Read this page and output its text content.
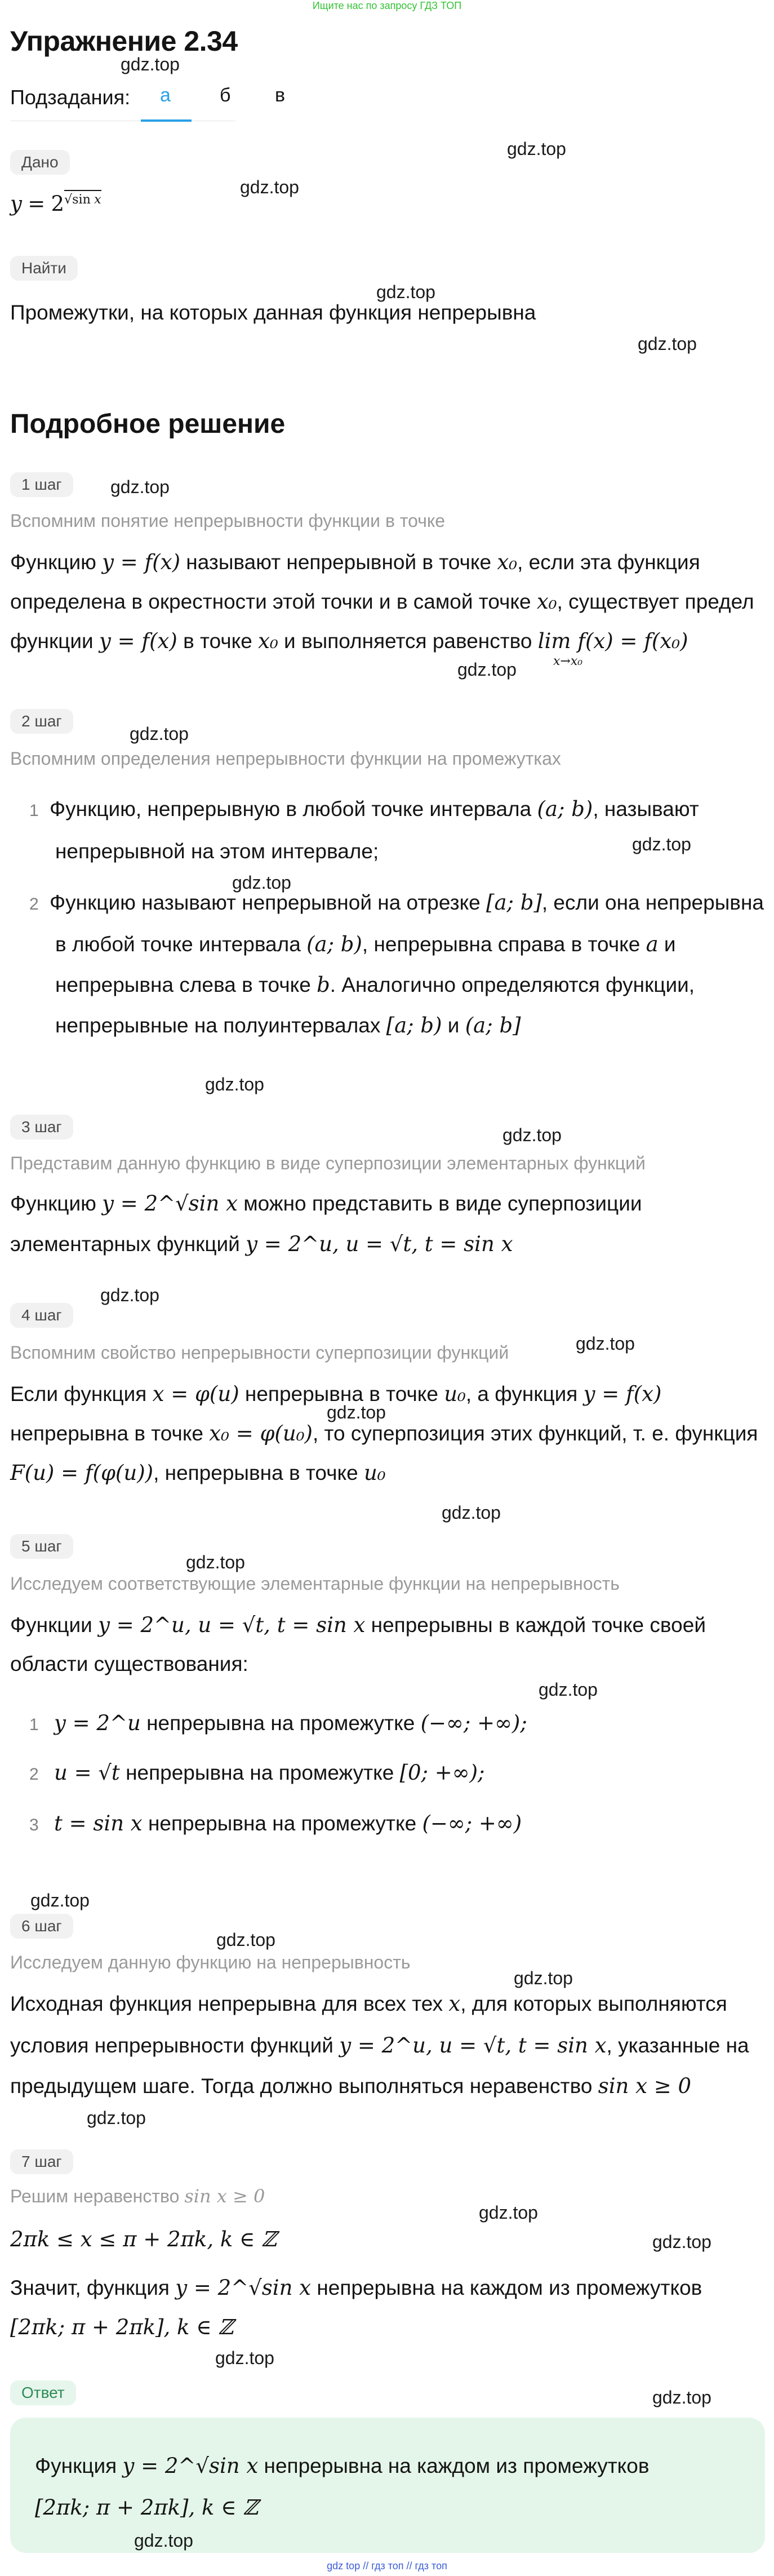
Ищите нас по запросу ГДЗ ТОП
Упражнение 2.34
Подзадания: а	б в
Дано
$y = 2^{√sin x}$
Найти
Промежутки, на которых данная функция непрерывна
Подробное решение
1 шаг
Вспомним понятие непрерывности функции в точке
Функцию y = f(x) называют непрерывной в точке x₀, если эта функция
определена в окрестности этой точки и в самой точке x₀, существует предел
функции y = f(x) в точке x₀ и выполняется равенство lim f(x) = f(x₀)
x→x₀
2 шаг
Вспомним определения непрерывности функции на промежутках
1 Функцию, непрерывную в любой точке интервала (a; b), называют
непрерывной на этом интервале;
2 Функцию называют непрерывной на отрезке [a; b], если она непрерывна
в любой точке интервала (a; b), непрерывна справа в точке a и
непрерывна слева в точке b. Аналогично определяются функции,
непрерывные на полуинтервалах [a; b) и (a; b]
3 шаг
Представим данную функцию в виде суперпозиции элементарных функций
Функцию y = 2^√sin x можно представить в виде суперпозиции
элементарных функций y = 2^u, u = √t, t = sin x
4 шаг
Вспомним свойство непрерывности суперпозиции функций
Если функция x = φ(u) непрерывна в точке u₀, а функция y = f(x)
непрерывна в точке x₀ = φ(u₀), то суперпозиция этих функций, т. е. функция
F(u) = f(φ(u)), непрерывна в точке u₀
5 шаг
Исследуем соответствующие элементарные функции на непрерывность
Функции y = 2^u, u = √t, t = sin x непрерывны в каждой точке своей
области существования:
1 y = 2^u непрерывна на промежутке (−∞; +∞);
2 u = √t непрерывна на промежутке [0; +∞);
3 t = sin x непрерывна на промежутке (−∞; +∞)
6 шаг
Исследуем данную функцию на непрерывность
Исходная функция непрерывна для всех тех x, для которых выполняются
условия непрерывности функций y = 2^u, u = √t, t = sin x, указанные на
предыдущем шаге. Тогда должно выполняться неравенство sin x ≥ 0
7 шаг
Решим неравенство sin x ≥ 0
2πk ≤ x ≤ π + 2πk, k ∈ ℤ
Значит, функция y = 2^√sin x непрерывна на каждом из промежутков
[2πk; π + 2πk], k ∈ ℤ
Ответ
Функция y = 2^√sin x непрерывна на каждом из промежутков
[2πk; π + 2πk], k ∈ ℤ
gdz top // гдз топ // гдз топ
gdz.top
gdz.top
gdz.top
gdz.top
gdz.top
gdz.top
gdz.top
gdz.top
gdz.top
gdz.top
gdz.top
gdz.top
gdz.top
gdz.top
gdz.top
gdz.top
gdz.top
gdz.top
gdz.top
gdz.top
gdz.top
gdz.top
gdz.top
gdz.top
gdz.top
gdz.top
gdz.top
